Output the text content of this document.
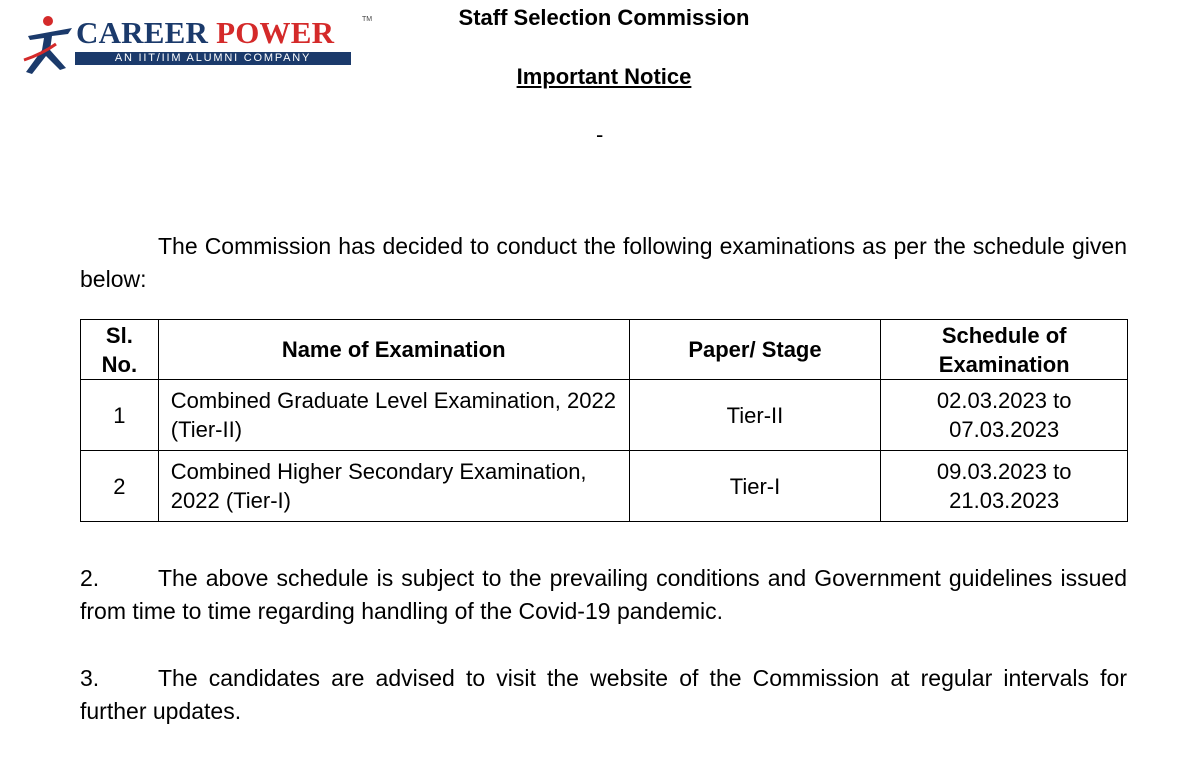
CAREER POWER	TM
AN IIT/IIM ALUMNI COMPANY
Staff Selection Commission
Important Notice
-
The Commission has decided to conduct the following examinations as per the schedule given below:
Sl. No.	Name of Examination	Paper/ Stage	Schedule of Examination
1	Combined Graduate Level Examination, 2022 (Tier-II)	Tier-II	02.03.2023 to 07.03.2023
2	Combined Higher Secondary Examination, 2022 (Tier-I)	Tier-I	09.03.2023 to 21.03.2023
2.	The above schedule is subject to the prevailing conditions and Government guidelines issued from time to time regarding handling of the Covid-19 pandemic.
3.	The candidates are advised to visit the website of the Commission at regular intervals for further updates.
